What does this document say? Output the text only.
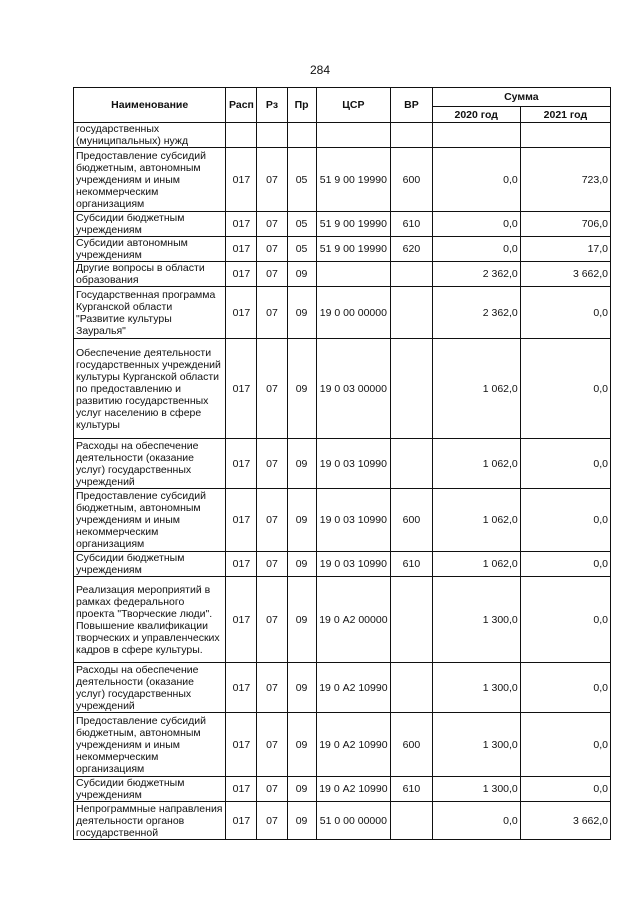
284
Наименование	Расп	Рз	Пр	ЦСР	ВР	Сумма	
						2020 год	2021 год
государственных (муниципальных) нужд							
Предоставление субсидий бюджетным, автономным учреждениям и иным некоммерческим организациям	017	07	05	51 9 00 19990	600	0,0	723,0
Субсидии бюджетным учреждениям	017	07	05	51 9 00 19990	610	0,0	706,0
Субсидии автономным учреждениям	017	07	05	51 9 00 19990	620	0,0	17,0
Другие вопросы в области образования	017	07	09			2 362,0	3 662,0
Государственная программа Курганской области "Развитие культуры Зауралья"	017	07	09	19 0 00 00000		2 362,0	0,0
Обеспечение деятельности государственных учреждений культуры Курганской области по предоставлению и развитию государственных услуг населению в сфере культуры	017	07	09	19 0 03 00000		1 062,0	0,0
Расходы на обеспечение деятельности (оказание услуг) государственных учреждений	017	07	09	19 0 03 10990		1 062,0	0,0
Предоставление субсидий бюджетным, автономным учреждениям и иным некоммерческим организациям	017	07	09	19 0 03 10990	600	1 062,0	0,0
Субсидии бюджетным учреждениям	017	07	09	19 0 03 10990	610	1 062,0	0,0
Реализация мероприятий в рамках федерального проекта "Творческие люди". Повышение квалификации творческих и управленческих кадров в сфере культуры.	017	07	09	19 0 А2 00000		1 300,0	0,0
Расходы на обеспечение деятельности (оказание услуг) государственных учреждений	017	07	09	19 0 А2 10990		1 300,0	0,0
Предоставление субсидий бюджетным, автономным учреждениям и иным некоммерческим организациям	017	07	09	19 0 А2 10990	600	1 300,0	0,0
Субсидии бюджетным учреждениям	017	07	09	19 0 А2 10990	610	1 300,0	0,0
Непрограммные направления деятельности органов государственной	017	07	09	51 0 00 00000		0,0	3 662,0
